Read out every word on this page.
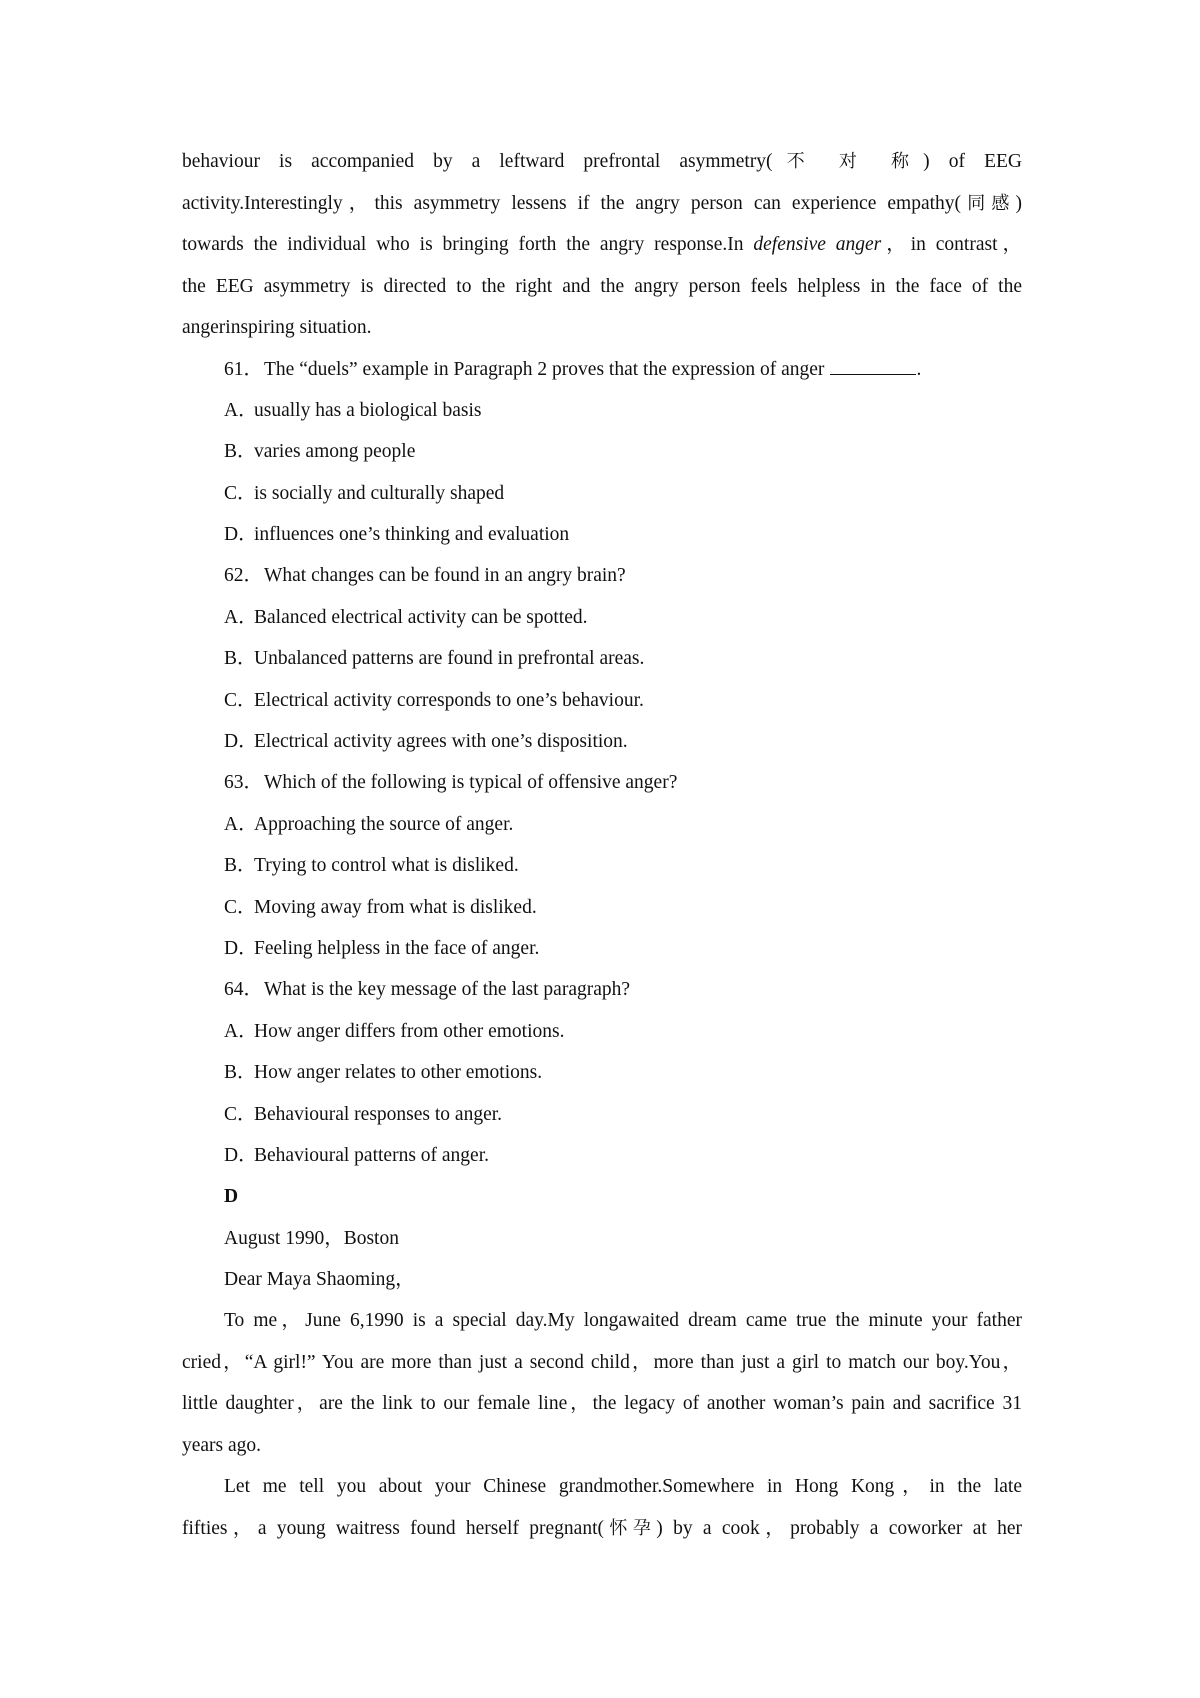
behaviour is accompanied by a leftward prefrontal asymmetry(不 对 称) of EEG

activity.Interestingly，this asymmetry lessens if the angry person can experience empathy(同感)

towards the individual who is bringing forth the angry response.In defensive anger，in contrast，

the EEG asymmetry is directed to the right and the angry person feels helpless in the face of the

angerinspiring situation.

61．The “duels” example in Paragraph 2 proves that the expression of anger	.

A．usually has a biological basis

B．varies among people

C．is socially and culturally shaped

D．influences one’s thinking and evaluation

62．What changes can be found in an angry brain?

A．Balanced electrical activity can be spotted.

B．Unbalanced patterns are found in prefrontal areas.

C．Electrical activity corresponds to one’s behaviour.

D．Electrical activity agrees with one’s disposition.

63．Which of the following is typical of offensive anger?

A．Approaching the source of anger.

B．Trying to control what is disliked.

C．Moving away from what is disliked.

D．Feeling helpless in the face of anger.

64．What is the key message of the last paragraph?

A．How anger differs from other emotions.

B．How anger relates to other emotions.

C．Behavioural responses to anger.

D．Behavioural patterns of anger.

D

August 1990，Boston

Dear Maya Shaoming，

To me，June 6,1990 is a special day.My longawaited dream came true the minute your father

cried，“A girl!” You are more than just a second child，more than just a girl to match our boy.You，

little daughter，are the link to our female line，the legacy of another woman’s pain and sacrifice 31

years ago.

Let me tell you about your Chinese grandmother.Somewhere in Hong Kong，in the late

fifties，a young waitress found herself pregnant(怀孕) by a cook，probably a coworker at her
